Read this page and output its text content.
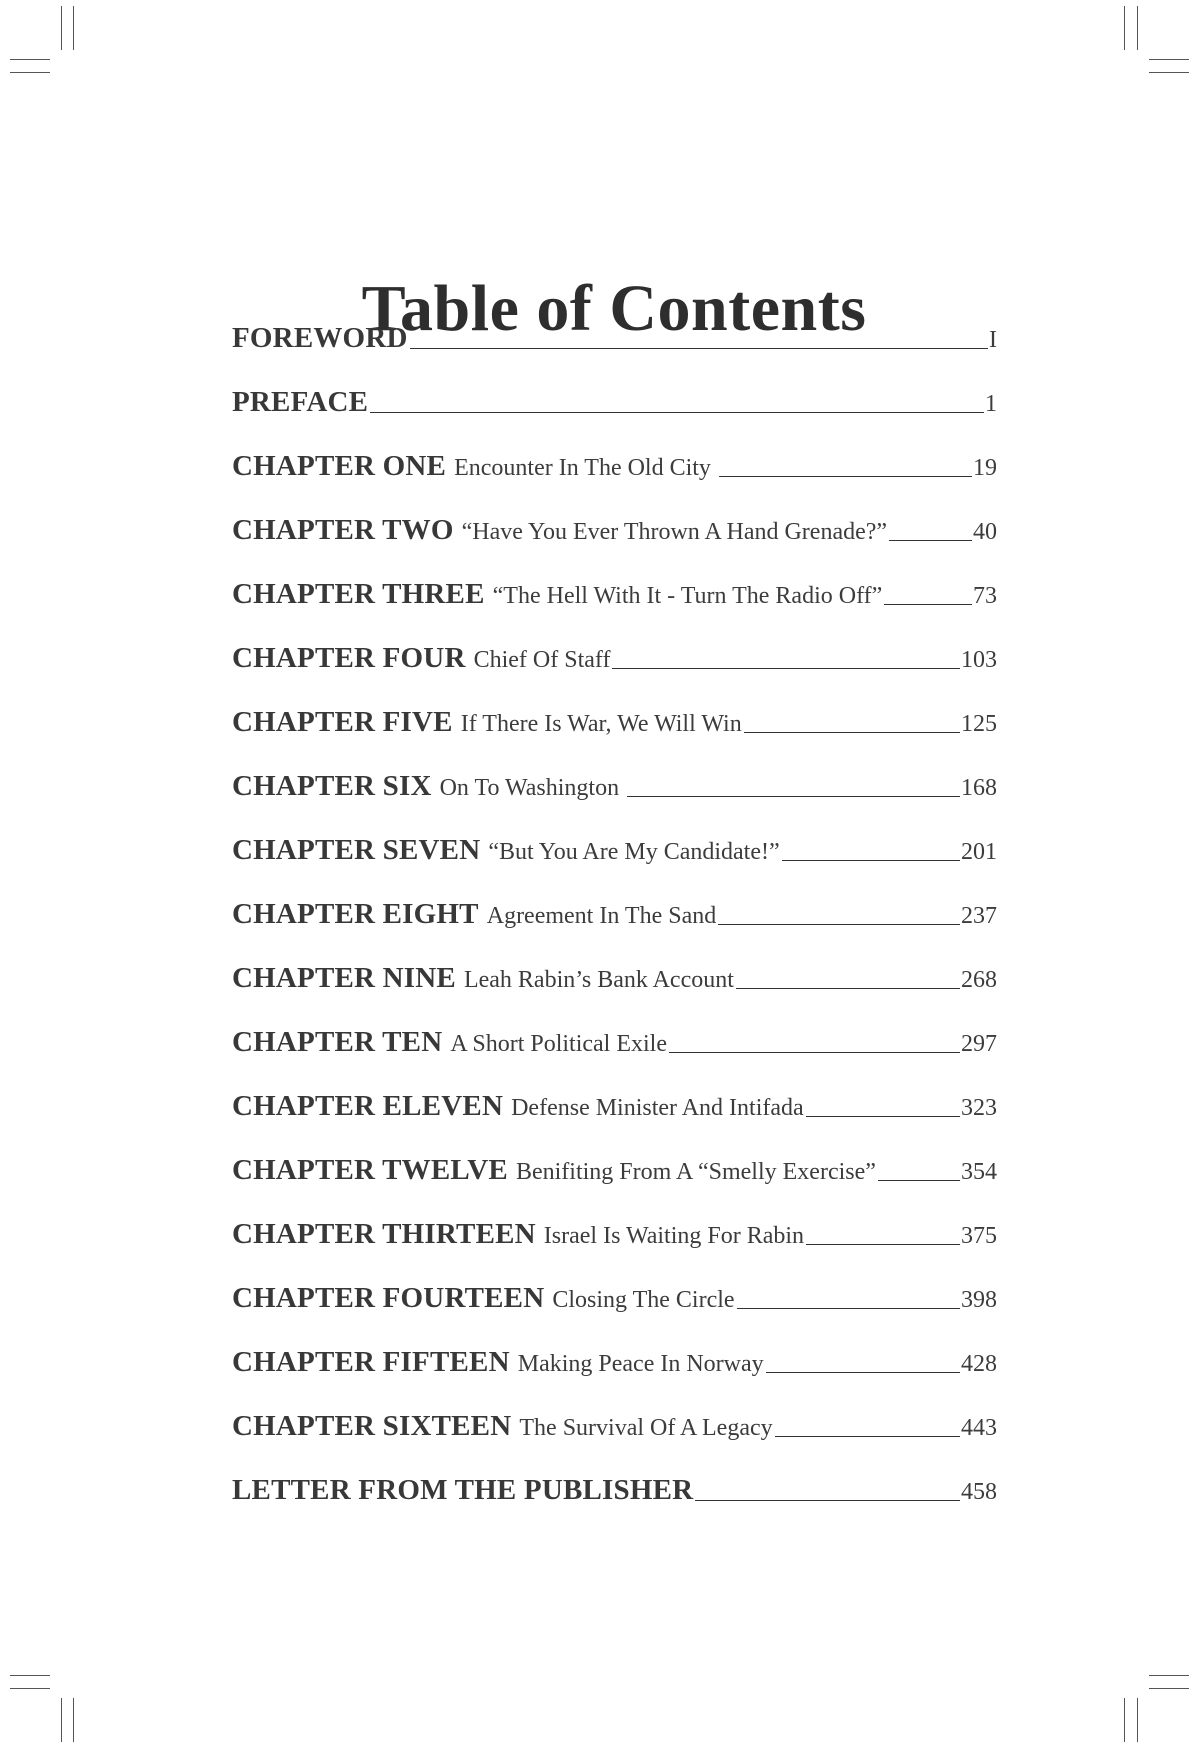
Table of Contents
FOREWORD	I
PREFACE	1
CHAPTER ONE Encounter In The Old City	19
CHAPTER TWO “Have You Ever Thrown A Hand Grenade?”	40
CHAPTER THREE “The Hell With It - Turn The Radio Off”	73
CHAPTER FOUR Chief Of Staff	103
CHAPTER FIVE If There Is War, We Will Win	125
CHAPTER SIX On To Washington	168
CHAPTER SEVEN “But You Are My Candidate!”	201
CHAPTER EIGHT Agreement In The Sand	237
CHAPTER NINE Leah Rabin’s Bank Account	268
CHAPTER TEN A Short Political Exile	297
CHAPTER ELEVEN Defense Minister And Intifada	323
CHAPTER TWELVE Benifiting From A “Smelly Exercise”	354
CHAPTER THIRTEEN Israel Is Waiting For Rabin	375
CHAPTER FOURTEEN Closing The Circle	398
CHAPTER FIFTEEN Making Peace In Norway	428
CHAPTER SIXTEEN The Survival Of A Legacy	443
LETTER FROM THE PUBLISHER	458
